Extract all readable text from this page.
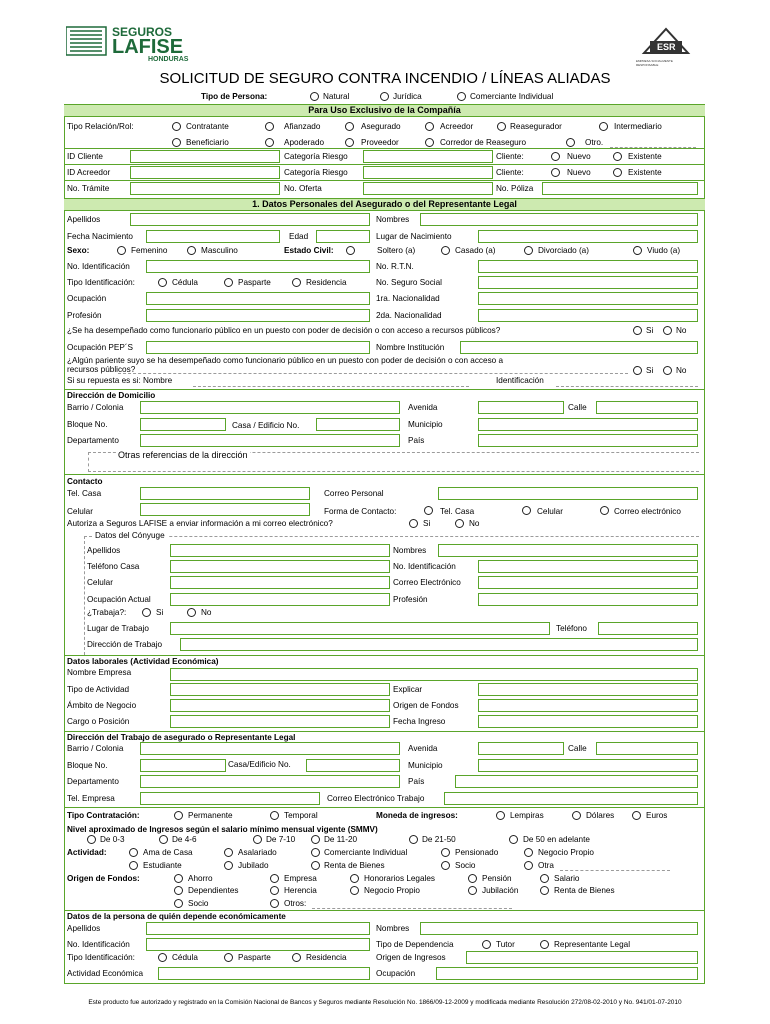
SEGUROS
LAFISE
HONDURAS
ESR
EMPRESA SOCIALMENTE RESPONSABLE
SOLICITUD DE SEGURO CONTRA INCENDIO / LÍNEAS ALIADAS
Tipo de Persona:	Natural	Jurídica	Comerciante Individual
Para Uso Exclusivo de la Compañía
Tipo Relación/Rol:	Contratante	Afianzado	Asegurado	Acreedor	Reasegurador	Intermediario
Beneficiario	Apoderado	Proveedor	Corredor de Reaseguro	Otro.
ID Cliente	Categoría Riesgo	Cliente:	Nuevo	Existente
ID Acreedor	Categoría Riesgo	Cliente:	Nuevo	Existente
No. Trámite	No. Oferta	No. Póliza
1. Datos Personales del Asegurado o del Representante Legal
Apellidos	Nombres
Fecha Nacimiento	Edad	Lugar de Nacimiento
Sexo:	Femenino	Masculino	Estado Civil:	Soltero (a)	Casado (a)	Divorciado (a)	Viudo (a)
No. Identificación	No. R.T.N.
Tipo Identificación:	Cédula	Pasparte	Residencia	No. Seguro Social
Ocupación	1ra. Nacionalidad
Profesión	2da. Nacionalidad
¿Se ha desempeñado como funcionario público en un puesto con poder de decisión o con acceso a recursos públicos?	Si	No
Ocupación PEP´S	Nombre Institución
¿Algún pariente suyo se ha desempeñado como funcionario público en un puesto con poder de decisión o con acceso a
recursos públicos?	Si	No
Si su repuesta es si: Nombre	Identificación
Dirección de Domicilio
Barrio / Colonia	Avenida	Calle
Bloque No.	Casa / Edificio No.	Municipio
Departamento	País
Otras referencias de la dirección
Contacto
Tel. Casa	Correo Personal
Celular	Forma de Contacto:	Tel. Casa	Celular	Correo electrónico
Autoriza a Seguros LAFISE a enviar información a mi correo electrónico?	Si	No
Datos del Cónyuge
Apellidos	Nombres
Teléfono Casa	No. Identificación
Celular	Correo Electrónico
Ocupación Actual	Profesión
¿Trabaja?:	Si	No
Lugar de Trabajo	Teléfono
Dirección de Trabajo
Datos laborales (Actividad Económica)
Nombre Empresa
Tipo de Actividad	Explicar
Ámbito de Negocio	Origen de Fondos
Cargo o Posición	Fecha Ingreso
Dirección del Trabajo de asegurado o Representante Legal
Barrio / Colonia	Avenida	Calle
Bloque No.	Casa/Edificio No.	Municipio
Departamento	País
Tel. Empresa	Correo Electrónico Trabajo
Tipo Contratación:	Permanente	Temporal	Moneda de ingresos:	Lempiras	Dólares	Euros
Nivel aproximado de Ingresos según el salario mínimo mensual vigente (SMMV)
De 0-3	De 4-6	De 7-10	De 11-20	De 21-50	De 50 en adelante
Actividad:	Ama de Casa	Asalariado	Comerciante Individual	Pensionado	Negocio Propio
Estudiante	Jubilado	Renta de Bienes	Socio	Otra
Origen de Fondos:	Ahorro	Empresa	Honorarios Legales	Pensión	Salario
Dependientes	Herencia	Negocio Propio	Jubilación	Renta de Bienes
Socio	Otros:
Datos de la persona de quién depende económicamente
Apellidos	Nombres
No. Identificación	Tipo de Dependencia	Tutor	Representante Legal
Tipo Identificación:	Cédula	Pasparte	Residencia	Origen de Ingresos
Actividad Económica	Ocupación
Este producto fue autorizado y registrado en la Comisión Nacional de Bancos y Seguros mediante Resolución No. 1866/09-12-2009 y modificada mediante Resolución 272/08-02-2010 y No. 941/01-07-2010
